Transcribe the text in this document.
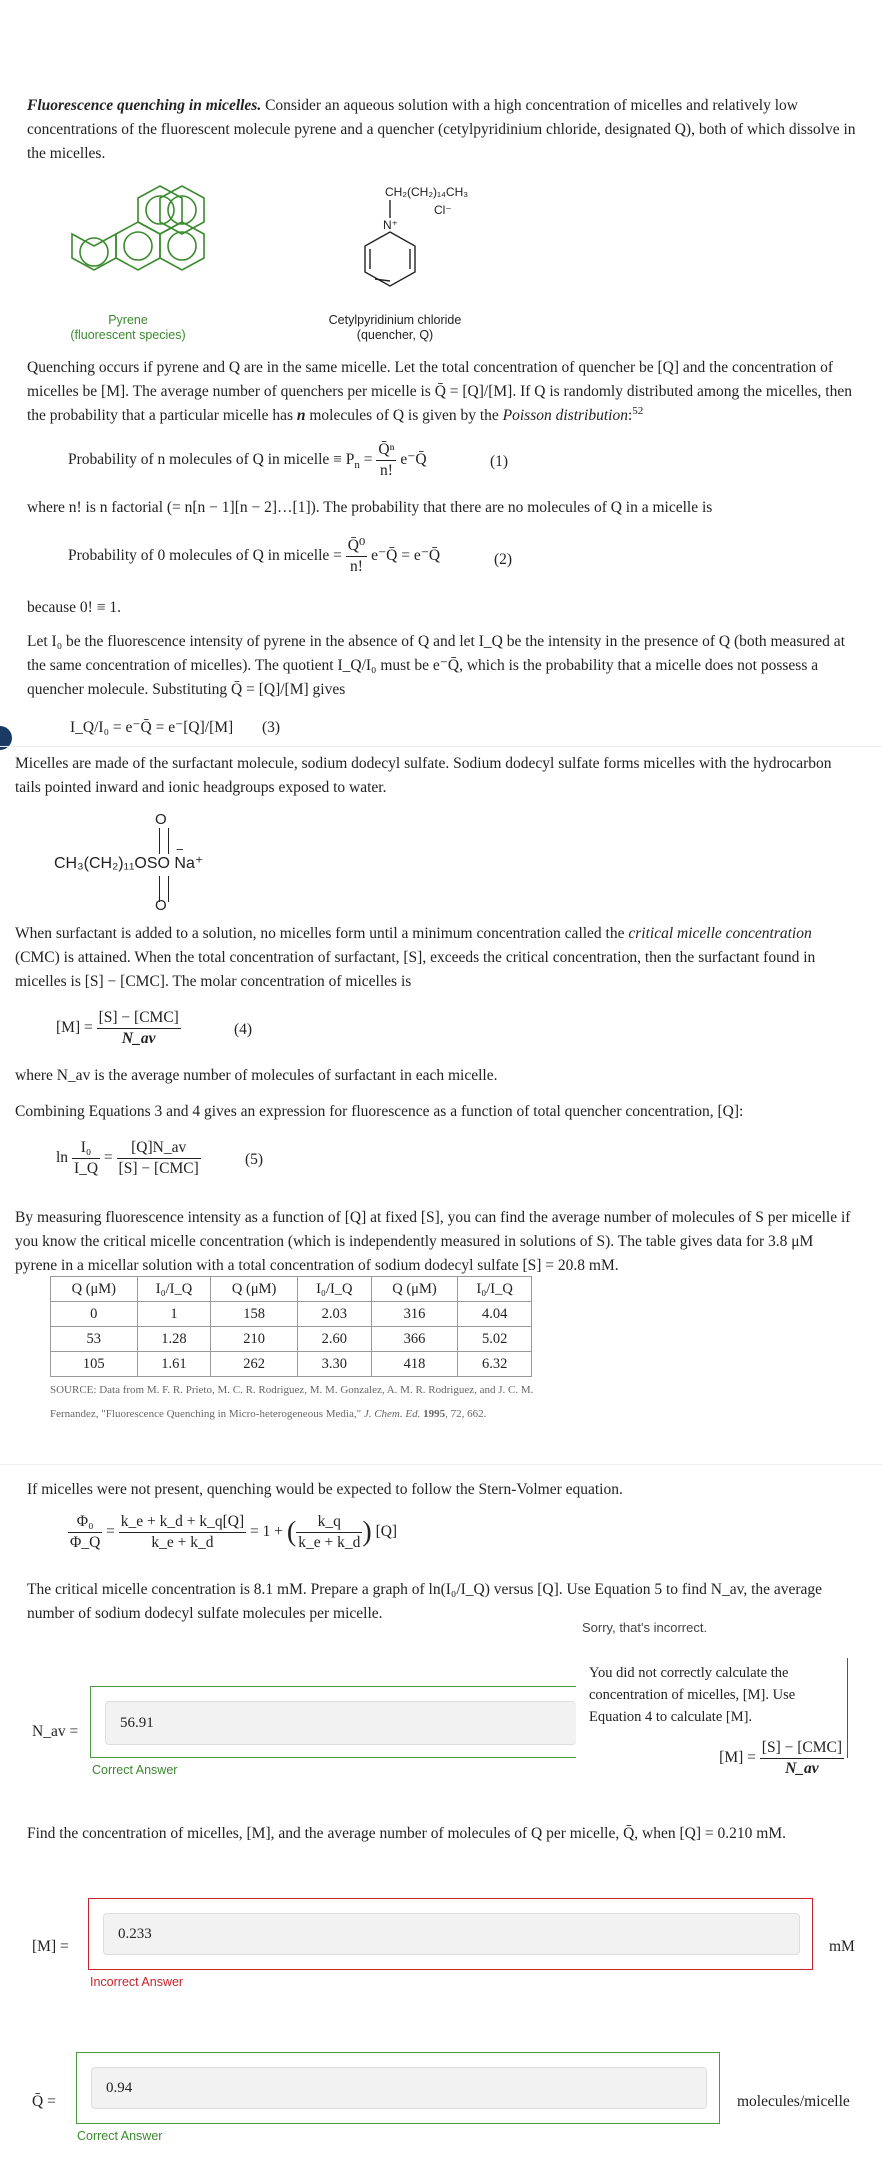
Fluorescence quenching in micelles. Consider an aqueous solution with a high concentration of micelles and relatively low concentrations of the fluorescent molecule pyrene and a quencher (cetylpyridinium chloride, designated Q), both of which dissolve in the micelles.
Pyrene
(fluorescent species)
CH₂(CH₂)₁₄CH₃
Cl⁻
N⁺
Cetylpyridinium chloride
(quencher, Q)
Quenching occurs if pyrene and Q are in the same micelle. Let the total concentration of quencher be [Q] and the concentration of micelles be [M]. The average number of quenchers per micelle is Q̄ = [Q]/[M]. If Q is randomly distributed among the micelles, then the probability that a particular micelle has n molecules of Q is given by the Poisson distribution:$^{52}$
Probability of n molecules of Q in micelle ≡ $P_n = \frac{\text{Q̄ⁿ}}{n!}$ e⁻Q̄	(1)
where n! is n factorial (= n[n − 1][n − 2]…[1]). The probability that there are no molecules of Q in a micelle is
Probability of 0 molecules of Q in micelle = $\frac{\text{Q̄⁰}}{n!}$ e⁻Q̄ = e⁻Q̄	(2)
because 0! ≡ 1.
Let I₀ be the fluorescence intensity of pyrene in the absence of Q and let I_Q be the intensity in the presence of Q (both measured at the same concentration of micelles). The quotient I_Q/I₀ must be e⁻Q̄, which is the probability that a micelle does not possess a quencher molecule. Substituting Q̄ = [Q]/[M] gives
I_Q/I₀ = e⁻Q̄ = e⁻[Q]/[M] (3)
Micelles are made of the surfactant molecule, sodium dodecyl sulfate. Sodium dodecyl sulfate forms micelles with the hydrocarbon tails pointed inward and ionic headgroups exposed to water.
O
−
CH₃(CH₂)₁₁OSO Na⁺
O
When surfactant is added to a solution, no micelles form until a minimum concentration called the critical micelle concentration (CMC) is attained. When the total concentration of surfactant, [S], exceeds the critical concentration, then the surfactant found in micelles is [S] − [CMC]. The molar concentration of micelles is
$[M] = \frac{\text{[S] − [CMC]}}{N\_av}$	(4)
where N_av is the average number of molecules of surfactant in each micelle.
Combining Equations 3 and 4 gives an expression for fluorescence as a function of total quencher concentration, [Q]:
$\ln \frac{\text{I₀}}{I\_Q} = \frac{[Q]N\_av}{\text{[S] − [CMC]}}$	(5)
By measuring fluorescence intensity as a function of [Q] at fixed [S], you can find the average number of molecules of S per micelle if you know the critical micelle concentration (which is independently measured in solutions of S). The table gives data for 3.8 μM pyrene in a micellar solution with a total concentration of sodium dodecyl sulfate [S] = 20.8 mM.
Q (μM)	I₀/I_Q	Q (μM)	I₀/I_Q	Q (μM)	I₀/I_Q
0	1	158	2.03	316	4.04
53	1.28	210	2.60	366	5.02
105	1.61	262	3.30	418	6.32
SOURCE: Data from M. F. R. Prieto, M. C. R. Rodriguez, M. M. Gonzalez, A. M. R. Rodriguez, and J. C. M. Fernandez, "Fluorescence Quenching in Micro-heterogeneous Media," J. Chem. Ed. 1995, 72, 662.
If micelles were not present, quenching would be expected to follow the Stern-Volmer equation.
$\frac{\text{Φ₀}}{\Phi\_Q} = \frac{k\_e + k\_d + k\_q[Q]}{k\_e + k\_d} = 1$ + ( $\frac{k\_q}{k\_e + k\_d}$ ) [Q]
The critical micelle concentration is 8.1 mM. Prepare a graph of ln(I₀/I_Q) versus [Q]. Use Equation 5 to find N_av, the average number of sodium dodecyl sulfate molecules per micelle.
Sorry, that's incorrect.
You did not correctly calculate the concentration of micelles, [M]. Use Equation 4 to calculate [M].
$[M] = \frac{\text{[S] − [CMC]}}{N\_av}$
N_av =	56.91
Correct Answer
Find the concentration of micelles, [M], and the average number of molecules of Q per micelle, Q̄, when [Q] = 0.210 mM.
[M] =
0.233
mM
Incorrect Answer
Q̄ =
0.94
molecules/micelle
Correct Answer
